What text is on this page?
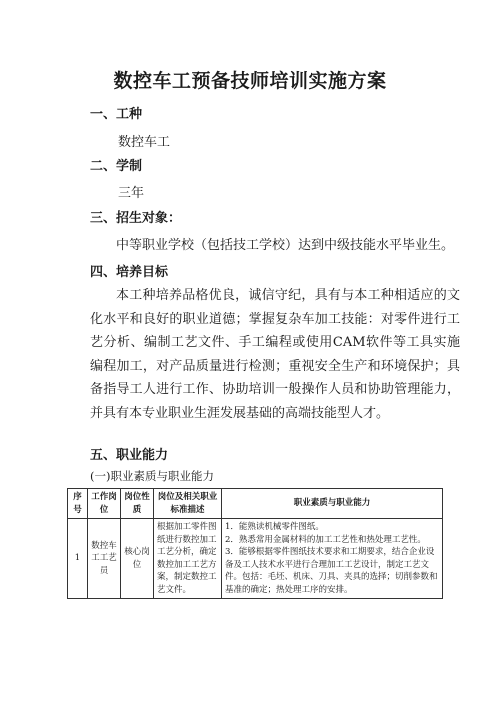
数控车工预备技师培训实施方案
一、工种
数控车工
二、学制
三年
三、招生对象：
中等职业学校（包括技工学校）达到中级技能水平毕业生。
四、培养目标
本工种培养品格优良，诚信守纪，具有与本工种相适应的文化水平和良好的职业道德；掌握复杂车加工技能：对零件进行工艺分析、编制工艺文件、手工编程或使用CAM软件等工具实施编程加工，对产品质量进行检测；重视安全生产和环境保护；具备指导工人进行工作、协助培训一般操作人员和协助管理能力，并具有本专业职业生涯发展基础的高端技能型人才。
五、职业能力
(一)职业素质与职业能力
序号	工作岗位	岗位性质	岗位及相关职业标准描述	职业素质与职业能力
1	数控车工工艺员	核心岗位	根据加工零件图纸进行数控加工工艺分析，确定数控加工工艺方案，制定数控工艺文件。	1．能熟读机械零件图纸。
2．熟悉常用金属材料的加工工艺性和热处理工艺性。
3．能够根据零件图纸技术要求和工期要求，结合企业设备及工人技术水平进行合理加工工艺设计，制定工艺文件。包括：毛坯、机床、刀具、夹具的选择；切削参数和基准的确定；热处理工序的安排。
